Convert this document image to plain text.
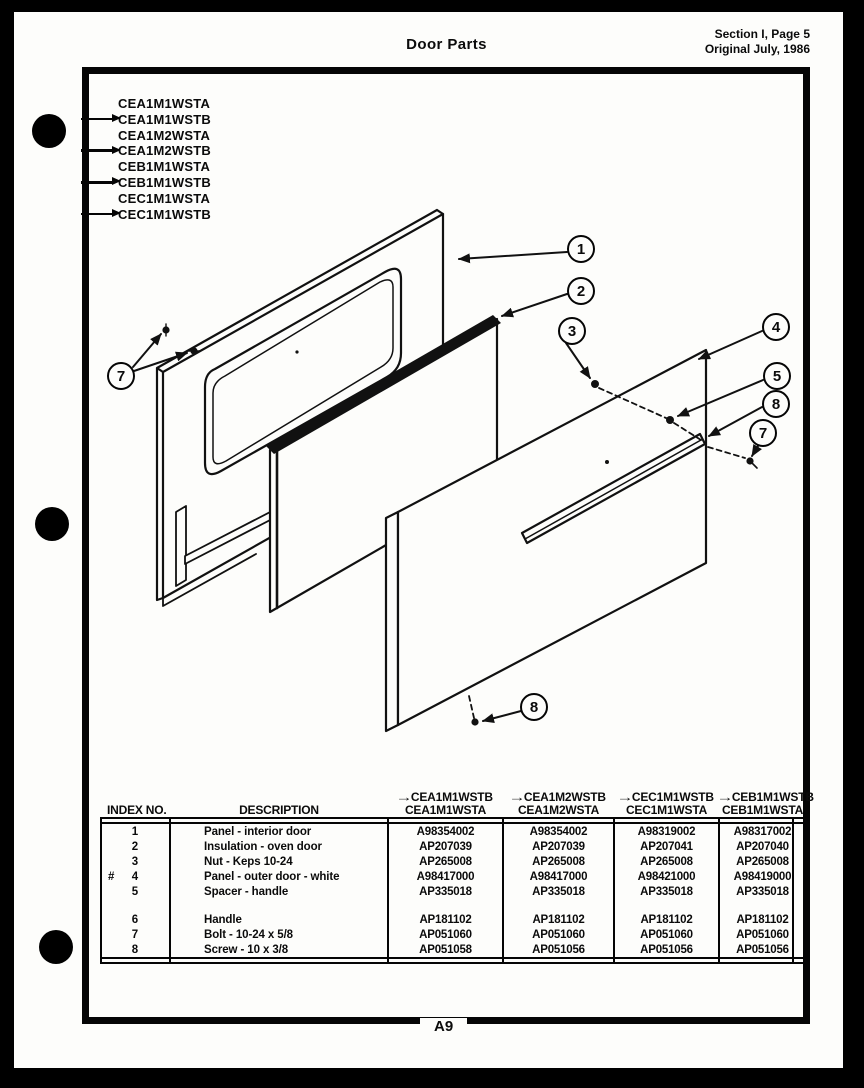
Door Parts
Section I, Page 5
Original July, 1986
CEA1M1WSTA
CEA1M1WSTB
CEA1M2WSTA
CEA1M2WSTB
CEB1M1WSTA
CEB1M1WSTB
CEC1M1WSTA
CEC1M1WSTB
1
2
3	4
5
8
7
7
8
INDEX NO.	DESCRIPTION
→CEA1M1WSTB
CEA1M1WSTA
→CEA1M2WSTB
CEA1M2WSTA
→CEC1M1WSTB
CEC1M1WSTA
→CEB1M1WSTB
CEB1M1WSTA
1	Panel - interior door	A98354002	A98354002	A98319002	A98317002
2	Insulation - oven door	AP207039	AP207039	AP207041	AP207040
3	Nut - Keps 10-24	AP265008	AP265008	AP265008	AP265008
# 4	Panel - outer door - white	A98417000	A98417000	A98421000	A98419000
5	Spacer - handle	AP335018	AP335018	AP335018	AP335018
6	Handle	AP181102	AP181102	AP181102	AP181102
7	Bolt - 10-24 x 5/8	AP051060	AP051060	AP051060	AP051060
8	Screw - 10 x 3/8	AP051058	AP051056	AP051056	AP051056
A9
